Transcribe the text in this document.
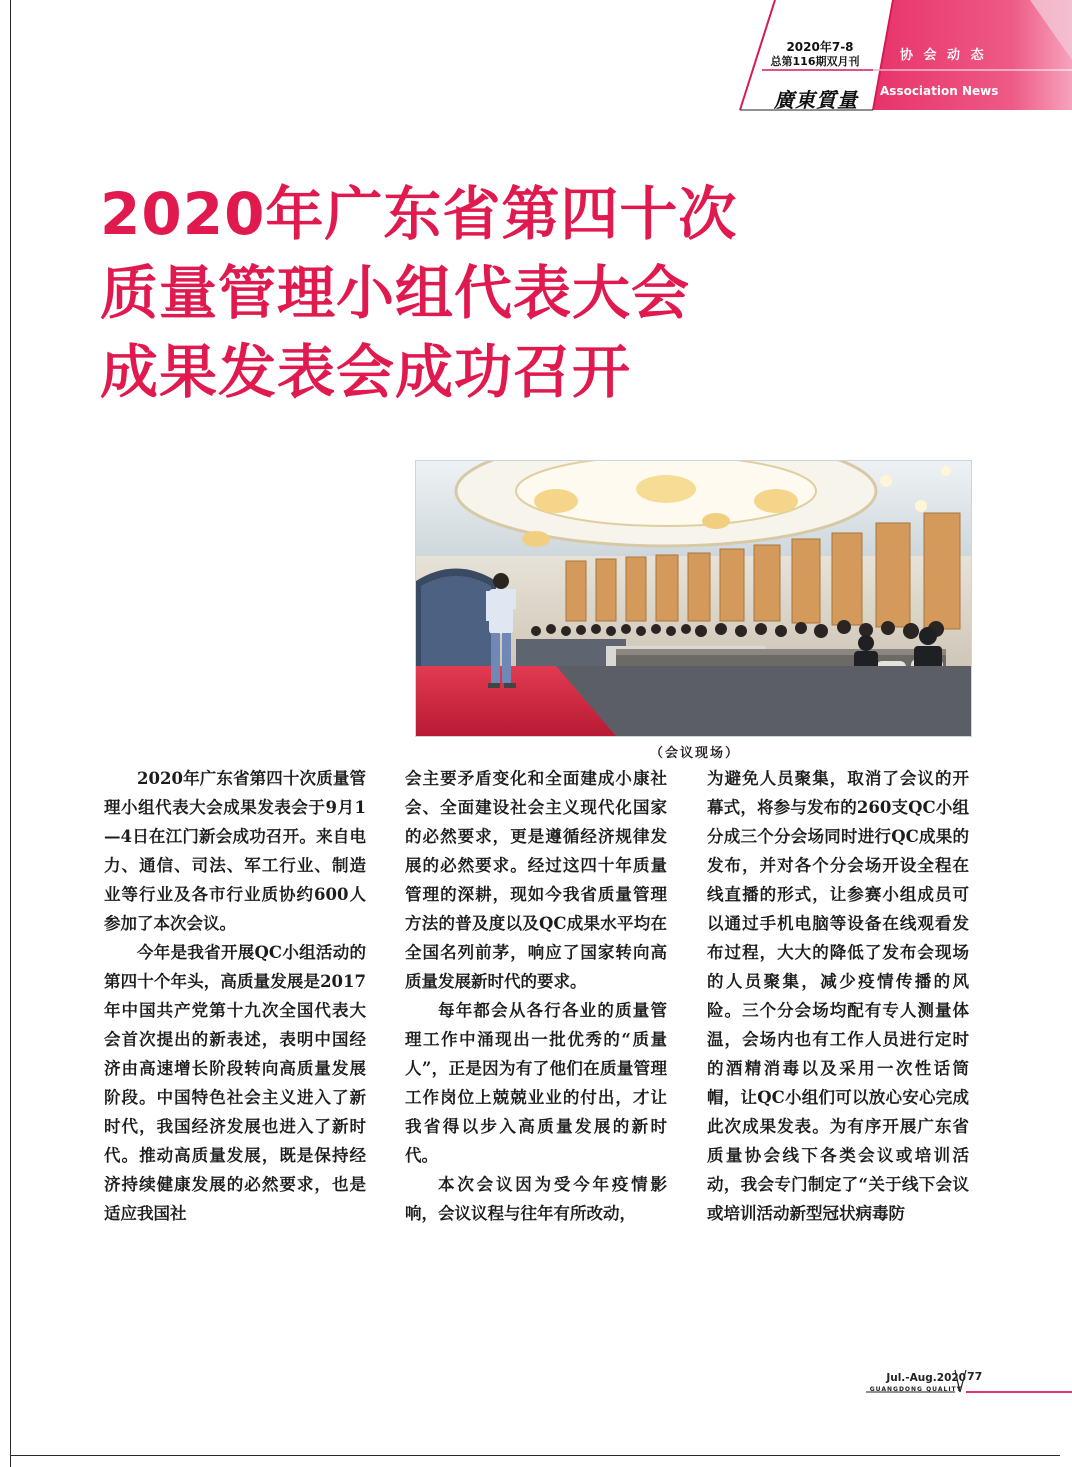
2020年7-8
总第116期双月刊
廣東質量
协 会 动 态
Association News
2020年广东省第四十次
质量管理小组代表大会
成果发表会成功召开
（会议现场）

2020年广东省第四十次质量管理小组代表大会成果发表会于9月1—4日在江门新会成功召开。来自电力、通信、司法、军工行业、制造业等行业及各市行业质协约600人参加了本次会议。

今年是我省开展QC小组活动的第四十个年头，高质量发展是2017年中国共产党第十九次全国代表大会首次提出的新表述，表明中国经济由高速增长阶段转向高质量发展阶段。中国特色社会主义进入了新时代，我国经济发展也进入了新时代。推动高质量发展，既是保持经济持续健康发展的必然要求，也是适应我国社

会主要矛盾变化和全面建成小康社会、全面建设社会主义现代化国家的必然要求，更是遵循经济规律发展的必然要求。经过这四十年质量管理的深耕，现如今我省质量管理方法的普及度以及QC成果水平均在全国名列前茅，响应了国家转向高质量发展新时代的要求。

每年都会从各行各业的质量管理工作中涌现出一批优秀的“质量人”，正是因为有了他们在质量管理工作岗位上兢兢业业的付出，才让我省得以步入高质量发展的新时代。

本次会议因为受今年疫情影响，会议议程与往年有所改动，

为避免人员聚集，取消了会议的开幕式，将参与发布的260支QC小组分成三个分会场同时进行QC成果的发布，并对各个分会场开设全程在线直播的形式，让参赛小组成员可以通过手机电脑等设备在线观看发布过程，大大的降低了发布会现场的人员聚集，减少疫情传播的风险。三个分会场均配有专人测量体温，会场内也有工作人员进行定时的酒精消毒以及采用一次性话筒帽，让QC小组们可以放心安心完成此次成果发表。为有序开展广东省质量协会线下各类会议或培训活动，我会专门制定了“关于线下会议或培训活动新型冠状病毒防

Jul.-Aug.2020
GUANGDONG QUALITY
77
